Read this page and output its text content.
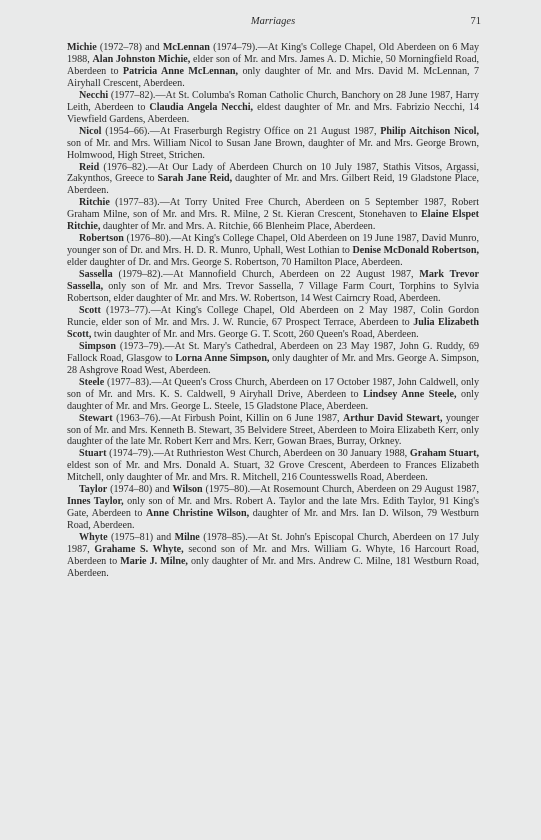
Marriages	71

Michie (1972–78) and McLennan (1974–79).—At King's College Chapel, Old Aberdeen on 6 May 1988, Alan Johnston Michie, elder son of Mr. and Mrs. James A. D. Michie, 50 Morningfield Road, Aberdeen to Patricia Anne McLennan, only daughter of Mr. and Mrs. David M. McLennan, 7 Airyhall Crescent, Aberdeen.

Necchi (1977–82).—At St. Columba's Roman Catholic Church, Banchory on 28 June 1987, Harry Leith, Aberdeen to Claudia Angela Necchi, eldest daughter of Mr. and Mrs. Fabrizio Necchi, 14 Viewfield Gardens, Aberdeen.

Nicol (1954–66).—At Fraserburgh Registry Office on 21 August 1987, Philip Aitchison Nicol, son of Mr. and Mrs. William Nicol to Susan Jane Brown, daughter of Mr. and Mrs. George Brown, Holmwood, High Street, Strichen.

Reid (1976–82).—At Our Lady of Aberdeen Church on 10 July 1987, Stathis Vitsos, Argassi, Zakynthos, Greece to Sarah Jane Reid, daughter of Mr. and Mrs. Gilbert Reid, 19 Gladstone Place, Aberdeen.

Ritchie (1977–83).—At Torry United Free Church, Aberdeen on 5 September 1987, Robert Graham Milne, son of Mr. and Mrs. R. Milne, 2 St. Kieran Crescent, Stonehaven to Elaine Elspet Ritchie, daughter of Mr. and Mrs. A. Ritchie, 66 Blenheim Place, Aberdeen.

Robertson (1976–80).—At King's College Chapel, Old Aberdeen on 19 June 1987, David Munro, younger son of Dr. and Mrs. H. D. R. Munro, Uphall, West Lothian to Denise McDonald Robertson, elder daughter of Dr. and Mrs. George S. Robertson, 70 Hamilton Place, Aberdeen.

Sassella (1979–82).—At Mannofield Church, Aberdeen on 22 August 1987, Mark Trevor Sassella, only son of Mr. and Mrs. Trevor Sassella, 7 Village Farm Court, Torphins to Sylvia Robertson, elder daughter of Mr. and Mrs. W. Robertson, 14 West Cairncry Road, Aberdeen.

Scott (1973–77).—At King's College Chapel, Old Aberdeen on 2 May 1987, Colin Gordon Runcie, elder son of Mr. and Mrs. J. W. Runcie, 67 Prospect Terrace, Aberdeen to Julia Elizabeth Scott, twin daughter of Mr. and Mrs. George G. T. Scott, 260 Queen's Road, Aberdeen.

Simpson (1973–79).—At St. Mary's Cathedral, Aberdeen on 23 May 1987, John G. Ruddy, 69 Fallock Road, Glasgow to Lorna Anne Simpson, only daughter of Mr. and Mrs. George A. Simpson, 28 Ashgrove Road West, Aberdeen.

Steele (1977–83).—At Queen's Cross Church, Aberdeen on 17 October 1987, John Caldwell, only son of Mr. and Mrs. K. S. Caldwell, 9 Airyhall Drive, Aberdeen to Lindsey Anne Steele, only daughter of Mr. and Mrs. George L. Steele, 15 Gladstone Place, Aberdeen.

Stewart (1963–76).—At Firbush Point, Killin on 6 June 1987, Arthur David Stewart, younger son of Mr. and Mrs. Kenneth B. Stewart, 35 Belvidere Street, Aberdeen to Moira Elizabeth Kerr, only daughter of the late Mr. Robert Kerr and Mrs. Kerr, Gowan Braes, Burray, Orkney.

Stuart (1974–79).—At Ruthrieston West Church, Aberdeen on 30 January 1988, Graham Stuart, eldest son of Mr. and Mrs. Donald A. Stuart, 32 Grove Crescent, Aberdeen to Frances Elizabeth Mitchell, only daughter of Mr. and Mrs. R. Mitchell, 216 Countesswells Road, Aberdeen.

Taylor (1974–80) and Wilson (1975–80).—At Rosemount Church, Aberdeen on 29 August 1987, Innes Taylor, only son of Mr. and Mrs. Robert A. Taylor and the late Mrs. Edith Taylor, 91 King's Gate, Aberdeen to Anne Christine Wilson, daughter of Mr. and Mrs. Ian D. Wilson, 79 Westburn Road, Aberdeen.

Whyte (1975–81) and Milne (1978–85).—At St. John's Episcopal Church, Aberdeen on 17 July 1987, Grahame S. Whyte, second son of Mr. and Mrs. William G. Whyte, 16 Harcourt Road, Aberdeen to Marie J. Milne, only daughter of Mr. and Mrs. Andrew C. Milne, 181 Westburn Road, Aberdeen.
